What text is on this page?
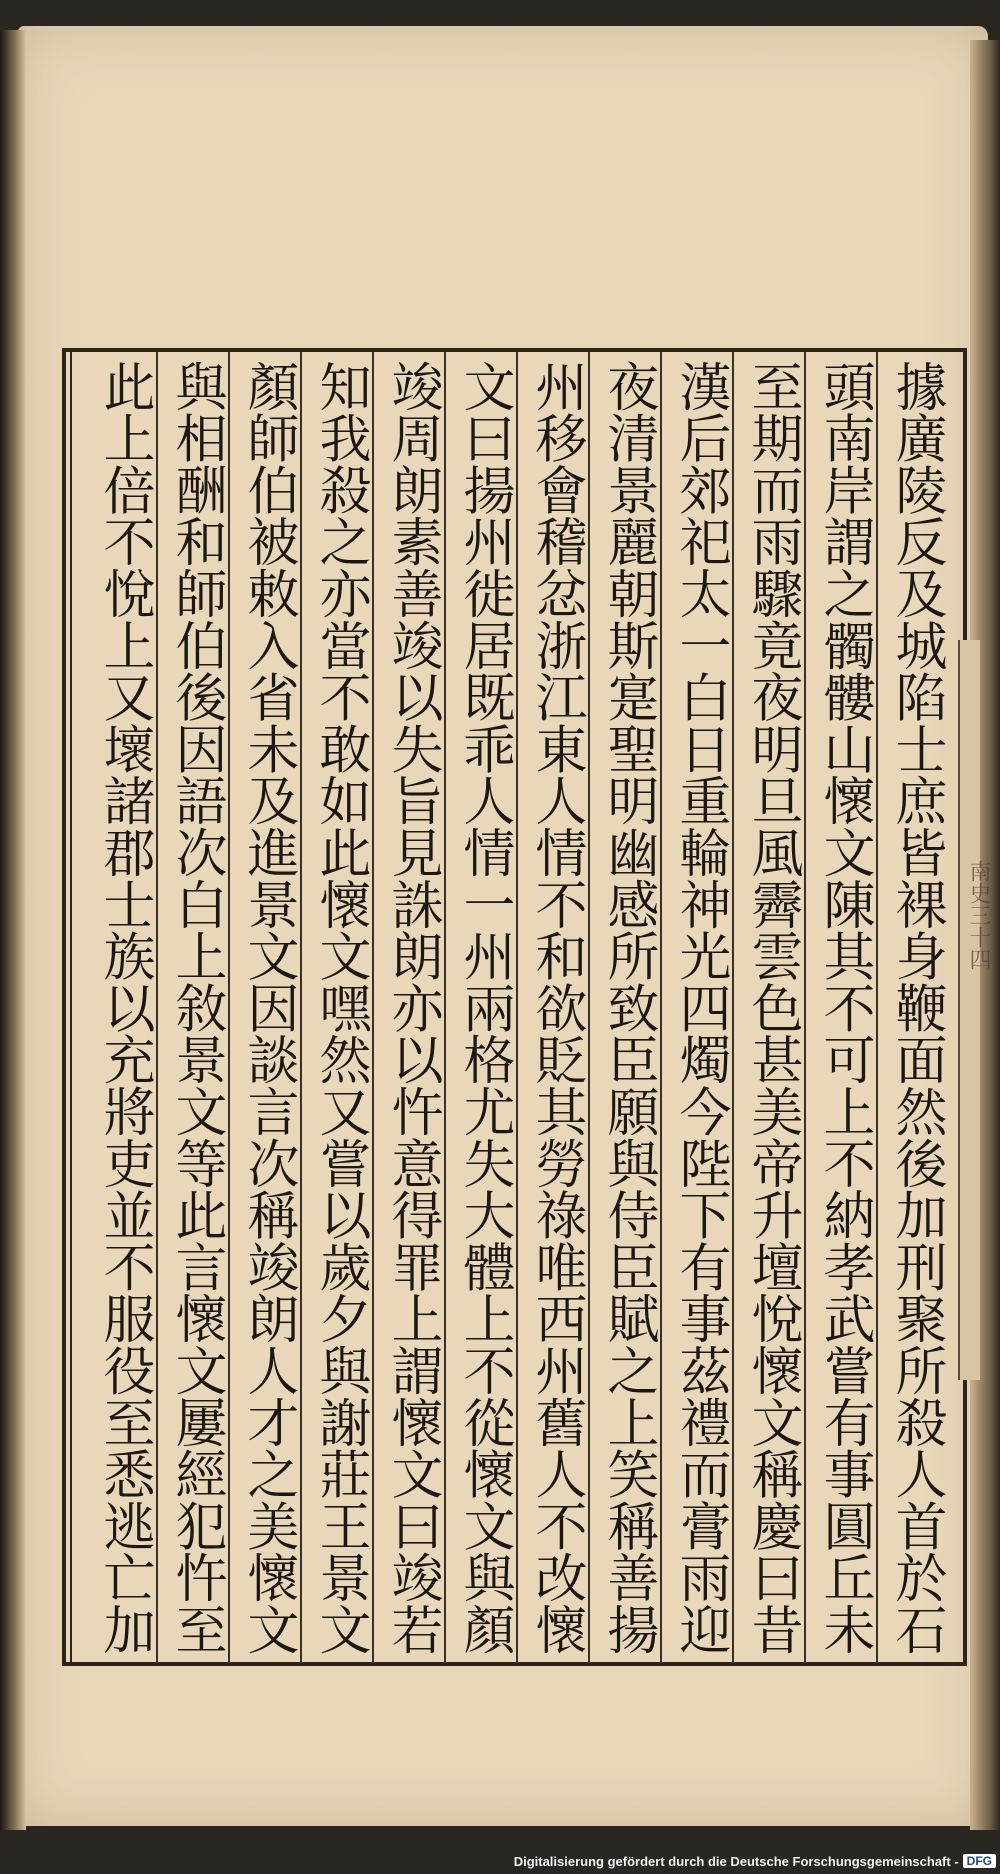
據廣陵反及城陷士庶皆裸身鞭面然後加刑聚所殺人首於石
頭南岸謂之髑髏山懷文陳其不可上不納孝武嘗有事圓丘未
至期而雨驟竟夜明旦風霽雲色甚美帝升壇悅懷文稱慶曰昔
漢后郊祀太一白日重輪神光四燭今陛下有事茲禮而膏雨迎
夜清景麗朝斯寔聖明幽感所致臣願與侍臣賦之上笑稱善揚
州移會稽忿浙江東人情不和欲貶其勞祿唯西州舊人不改懷
文曰揚州徙居既乖人情一州兩格尤失大體上不從懷文與顏
竣周朗素善竣以失旨見誅朗亦以忤意得罪上謂懷文曰竣若
知我殺之亦當不敢如此懷文嘿然又嘗以歲夕與謝莊王景文
顏師伯被敕入省未及進景文因談言次稱竣朗人才之美懷文
與相酬和師伯後因語次白上敘景文等此言懷文屢經犯忤至
此上倍不悅上又壞諸郡士族以充將吏並不服役至悉逃亡加	南史三十四
Digitalisierung gefördert durch die Deutsche Forschungsgemeinschaft - DFG
